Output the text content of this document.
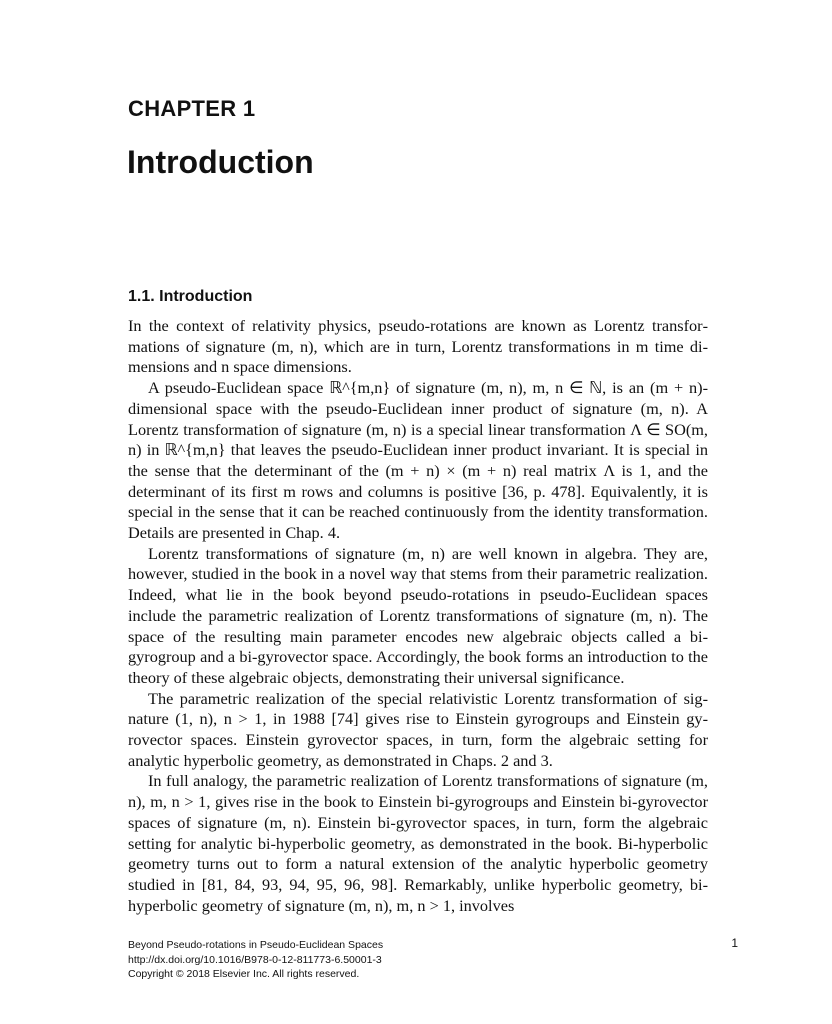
CHAPTER 1
Introduction
1.1. Introduction

In the context of relativity physics, pseudo-rotations are known as Lorentz transformations of signature (m, n), which are in turn, Lorentz transformations in m time dimensions and n space dimensions.

A pseudo-Euclidean space ℝ^{m,n} of signature (m, n), m, n ∈ ℕ, is an (m + n)-dimensional space with the pseudo-Euclidean inner product of signature (m, n). A Lorentz transformation of signature (m, n) is a special linear transformation Λ ∈ SO(m, n) in ℝ^{m,n} that leaves the pseudo-Euclidean inner product invariant. It is special in the sense that the determinant of the (m + n) × (m + n) real matrix Λ is 1, and the determinant of its first m rows and columns is positive [36, p. 478]. Equivalently, it is special in the sense that it can be reached continuously from the identity transformation. Details are presented in Chap. 4.

Lorentz transformations of signature (m, n) are well known in algebra. They are, however, studied in the book in a novel way that stems from their parametric realization. Indeed, what lie in the book beyond pseudo-rotations in pseudo-Euclidean spaces include the parametric realization of Lorentz transformations of signature (m, n). The space of the resulting main parameter encodes new algebraic objects called a bi-gyrogroup and a bi-gyrovector space. Accordingly, the book forms an introduction to the theory of these algebraic objects, demonstrating their universal significance.

The parametric realization of the special relativistic Lorentz transformation of signature (1, n), n > 1, in 1988 [74] gives rise to Einstein gyrogroups and Einstein gyrovector spaces. Einstein gyrovector spaces, in turn, form the algebraic setting for analytic hyperbolic geometry, as demonstrated in Chaps. 2 and 3.

In full analogy, the parametric realization of Lorentz transformations of signature (m, n), m, n > 1, gives rise in the book to Einstein bi-gyrogroups and Einstein bi-gyrovector spaces of signature (m, n). Einstein bi-gyrovector spaces, in turn, form the algebraic setting for analytic bi-hyperbolic geometry, as demonstrated in the book. Bi-hyperbolic geometry turns out to form a natural extension of the analytic hyperbolic geometry studied in [81, 84, 93, 94, 95, 96, 98]. Remarkably, unlike hyperbolic geometry, bi-hyperbolic geometry of signature (m, n), m, n > 1, involves

Beyond Pseudo-rotations in Pseudo-Euclidean Spaces
http://dx.doi.org/10.1016/B978-0-12-811773-6.50001-3
Copyright © 2018 Elsevier Inc. All rights reserved.
1
